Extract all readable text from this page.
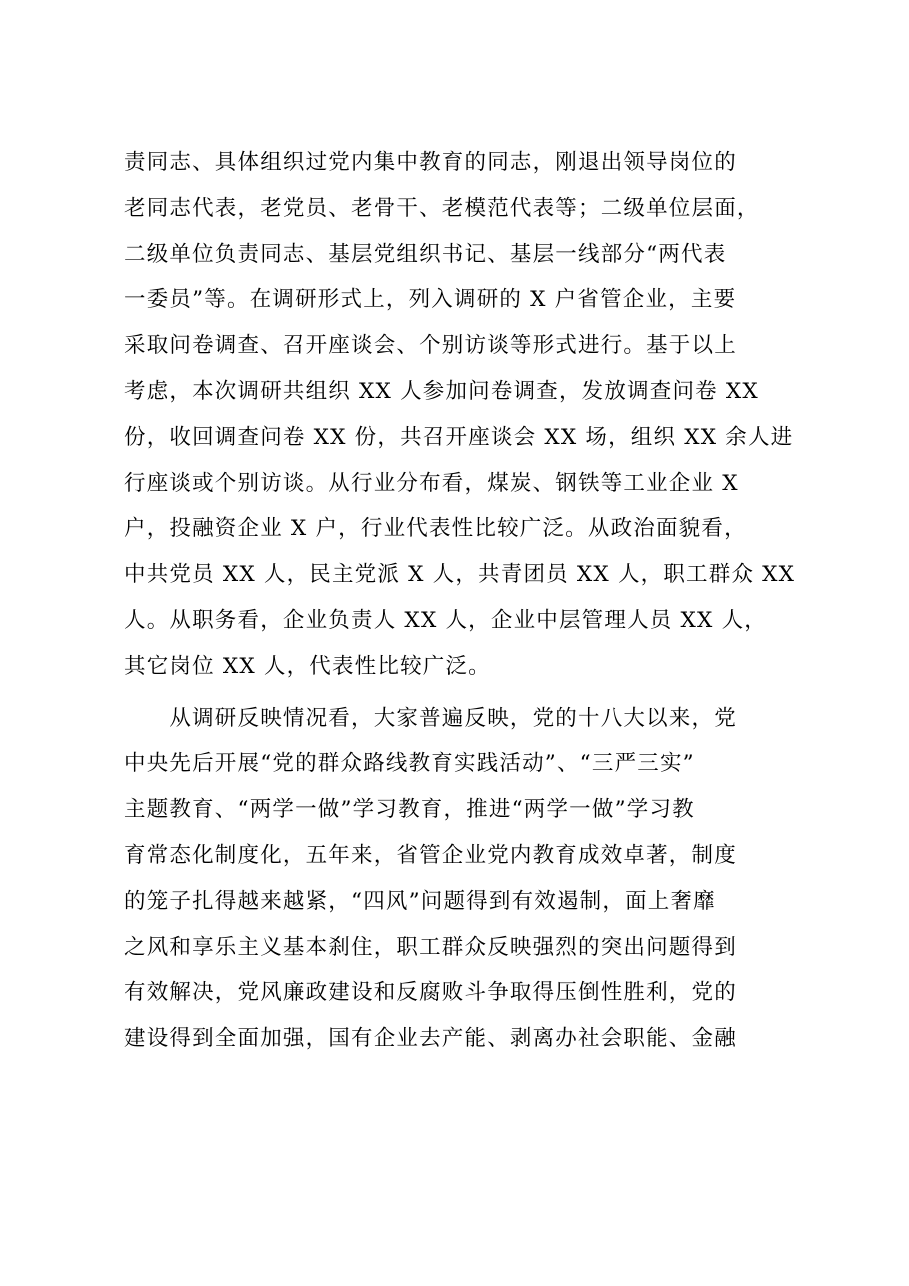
责同志、具体组织过党内集中教育的同志，刚退出领导岗位的
老同志代表，老党员、老骨干、老模范代表等；二级单位层面，
二级单位负责同志、基层党组织书记、基层一线部分“两代表
一委员”等。在调研形式上，列入调研的 X 户省管企业，主要
采取问卷调查、召开座谈会、个别访谈等形式进行。基于以上
考虑，本次调研共组织 XX 人参加问卷调查，发放调查问卷 XX
份，收回调查问卷 XX 份，共召开座谈会 XX 场，组织 XX 余人进
行座谈或个别访谈。从行业分布看，煤炭、钢铁等工业企业 X
户，投融资企业 X 户，行业代表性比较广泛。从政治面貌看，
中共党员 XX 人，民主党派 X 人，共青团员 XX 人，职工群众 XX
人。从职务看，企业负责人 XX 人，企业中层管理人员 XX 人，
其它岗位 XX 人，代表性比较广泛。
　　从调研反映情况看，大家普遍反映，党的十八大以来，党
中央先后开展“党的群众路线教育实践活动”、“三严三实”
主题教育、“两学一做”学习教育，推进“两学一做”学习教
育常态化制度化，五年来，省管企业党内教育成效卓著，制度
的笼子扎得越来越紧，“四风”问题得到有效遏制，面上奢靡
之风和享乐主义基本刹住，职工群众反映强烈的突出问题得到
有效解决，党风廉政建设和反腐败斗争取得压倒性胜利，党的
建设得到全面加强，国有企业去产能、剥离办社会职能、金融
